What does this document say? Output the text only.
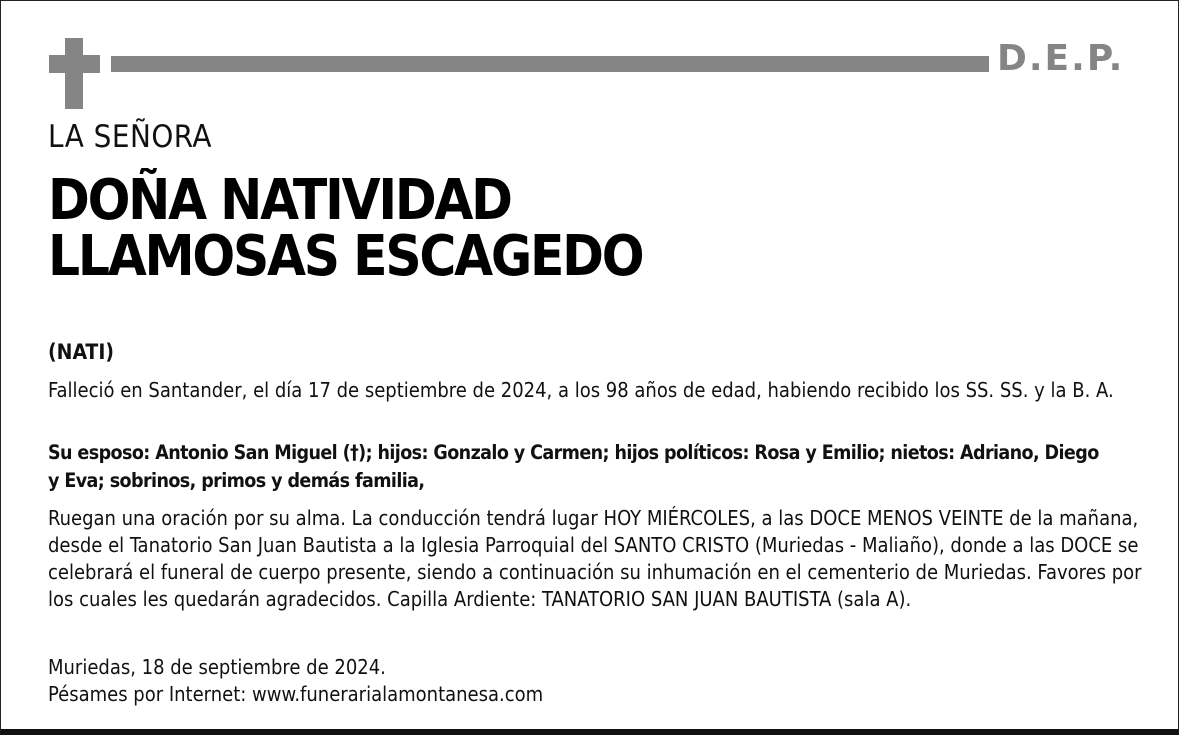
D.E.P.
LA SEÑORA
DOÑA NATIVIDAD
LLAMOSAS ESCAGEDO
(NATI)

Falleció en Santander, el día 17 de septiembre de 2024, a los 98 años de edad, habiendo recibido los SS. SS. y la B. A.

Su esposo: Antonio San Miguel (†); hijos: Gonzalo y Carmen; hijos políticos: Rosa y Emilio; nietos: Adriano, Diego y Eva; sobrinos, primos y demás familia,

Ruegan una oración por su alma. La conducción tendrá lugar HOY MIÉRCOLES, a las DOCE MENOS VEINTE de la mañana, desde el Tanatorio San Juan Bautista a la Iglesia Parroquial del SANTO CRISTO (Muriedas - Maliaño), donde a las DOCE se celebrará el funeral de cuerpo presente, siendo a continuación su inhumación en el cementerio de Muriedas. Favores por los cuales les quedarán agradecidos. Capilla Ardiente: TANATORIO SAN JUAN BAUTISTA (sala A).

Muriedas, 18 de septiembre de 2024.
Pésames por Internet: www.funerarialamontanesa.com
